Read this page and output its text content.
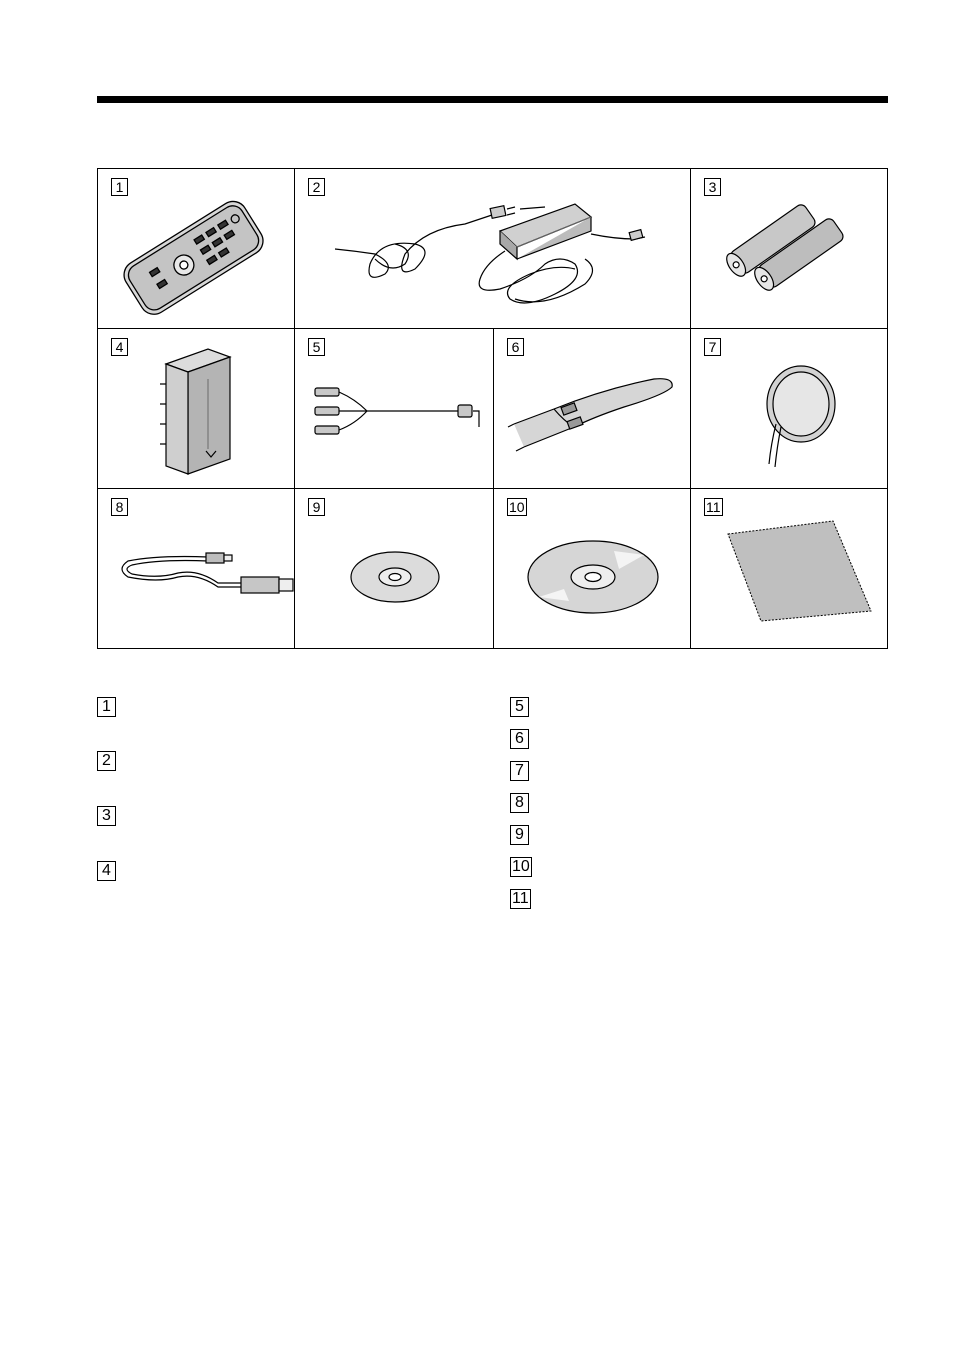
1	2	3
4	5	6	7
8	9	10	11
1
2
3
4
5
6
7
8
9
10
11
